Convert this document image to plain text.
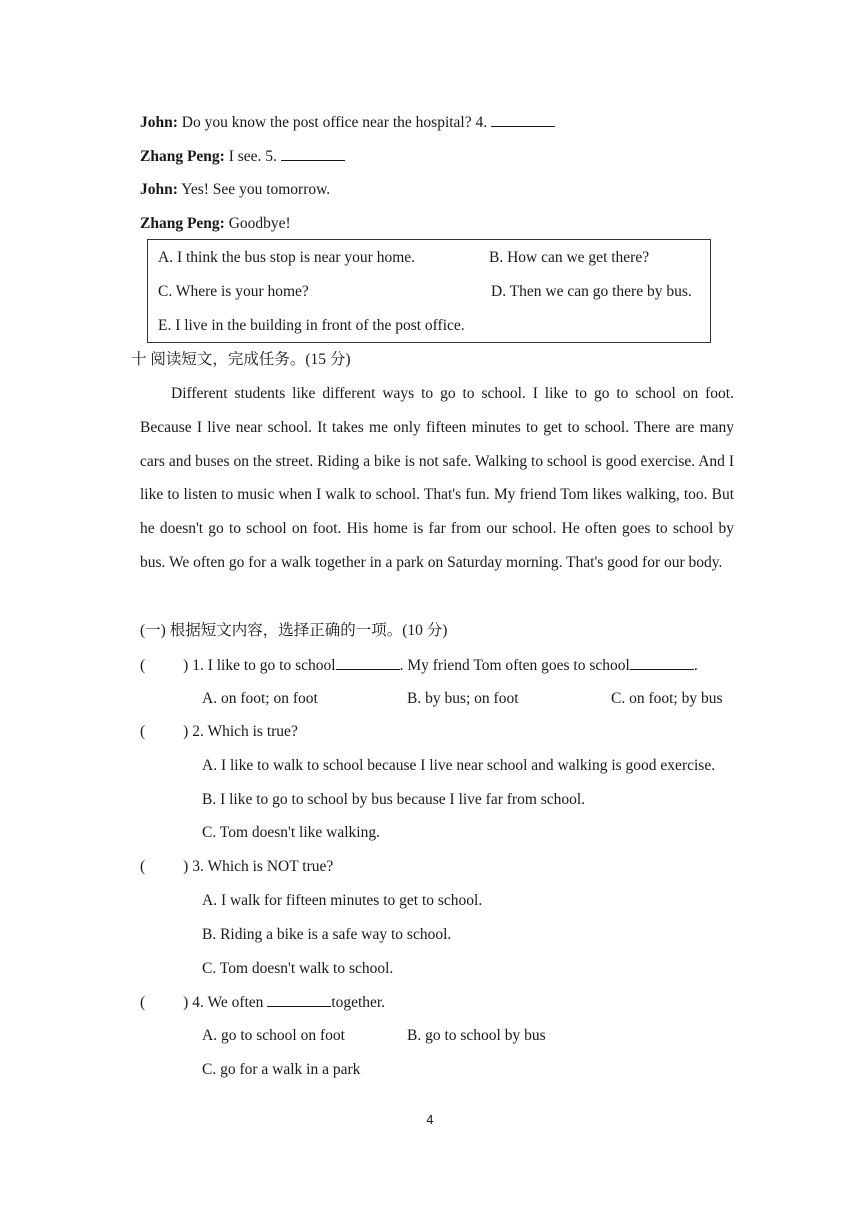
John: Do you know the post office near the hospital? 4.
Zhang Peng: I see. 5.
John: Yes! See you tomorrow.
Zhang Peng: Goodbye!
A. I think the bus stop is near your home.	B. How can we get there?
C. Where is your home?	D. Then we can go there by bus.
E. I live in the building in front of the post office.
十 阅读短文，完成任务。(15 分)

Different students like different ways to go to school. I like to go to school on foot. Because I live near school. It takes me only fifteen minutes to get to school. There are many cars and buses on the street. Riding a bike is not safe. Walking to school is good exercise. And I like to listen to music when I walk to school. That's fun. My friend Tom likes walking, too. But he doesn't go to school on foot. His home is far from our school. He often goes to school by bus. We often go for a walk together in a park on Saturday morning. That's good for our body.

(一) 根据短文内容，选择正确的一项。(10 分)
( ) 1. I like to go to school	. My friend Tom often goes to school	.
A. on foot; on foot	B. by bus; on foot	C. on foot; by bus
( ) 2. Which is true?
A. I like to walk to school because I live near school and walking is good exercise.
B. I like to go to school by bus because I live far from school.
C. Tom doesn't like walking.
( ) 3. Which is NOT true?
A. I walk for fifteen minutes to get to school.
B. Riding a bike is a safe way to school.
C. Tom doesn't walk to school.
( ) 4. We often	together.
A. go to school on foot	B. go to school by bus
C. go for a walk in a park
4
